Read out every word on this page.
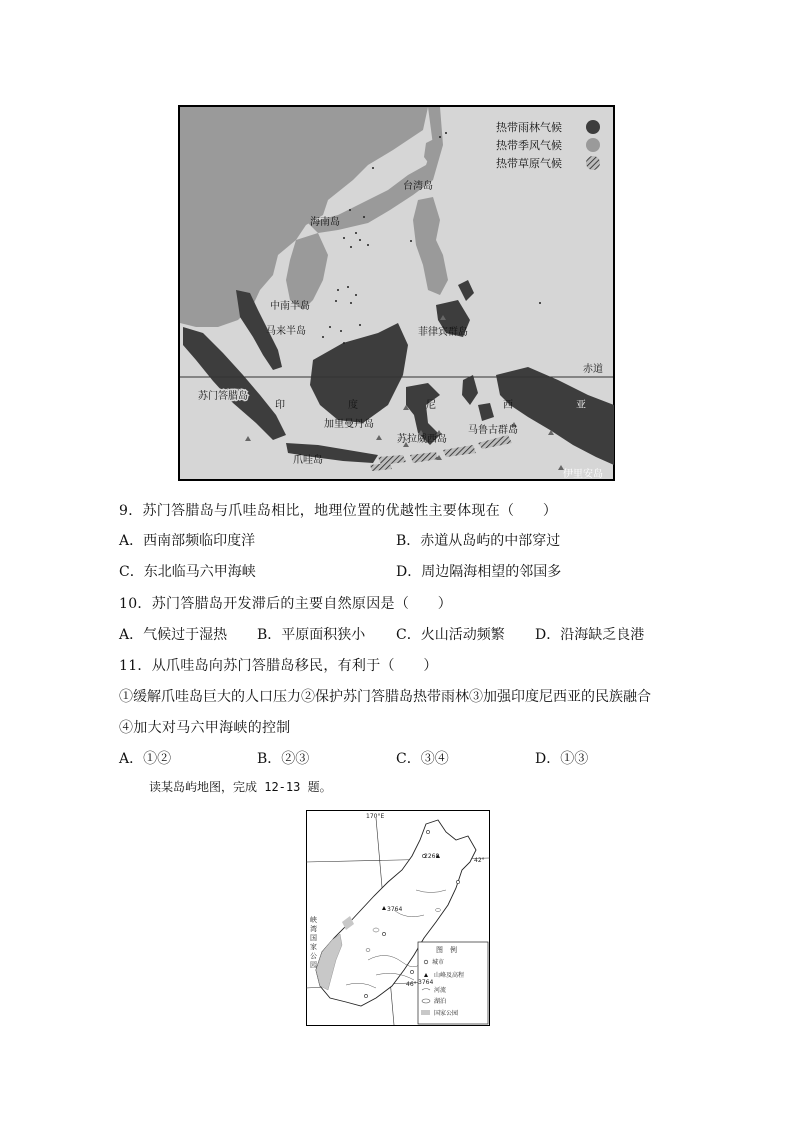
热带雨林气候
热带季风气候
热带草原气候
台湾岛
海南岛
中南半岛
马来半岛	菲律宾群岛
赤道
苏门答腊岛
印	度	尼	西	亚
加里曼丹岛
苏拉威西岛
马鲁古群岛
爪哇岛
伊里安岛
9．苏门答腊岛与爪哇岛相比，地理位置的优越性主要体现在（　　）
A．西南部频临印度洋	B．赤道从岛屿的中部穿过
C．东北临马六甲海峡	D．周边隔海相望的邻国多
10．苏门答腊岛开发滞后的主要自然原因是（　　）
A．气候过于湿热 B．平原面积狭小 C．火山活动频繁 D．沿海缺乏良港
11．从爪哇岛向苏门答腊岛移民，有利于（　　）
①缓解爪哇岛巨大的人口压力②保护苏门答腊岛热带雨林③加强印度尼西亚的民族融合
④加大对马六甲海峡的控制
A．①②	B．②③	C．③④	D．①③
读某岛屿地图，完成 12-13 题。
170°E
42°
46°
2268
3764
峡
湾
国
家
公
园
图　例
城市
山峰及高程
3764
河流
湖泊
国家公园
